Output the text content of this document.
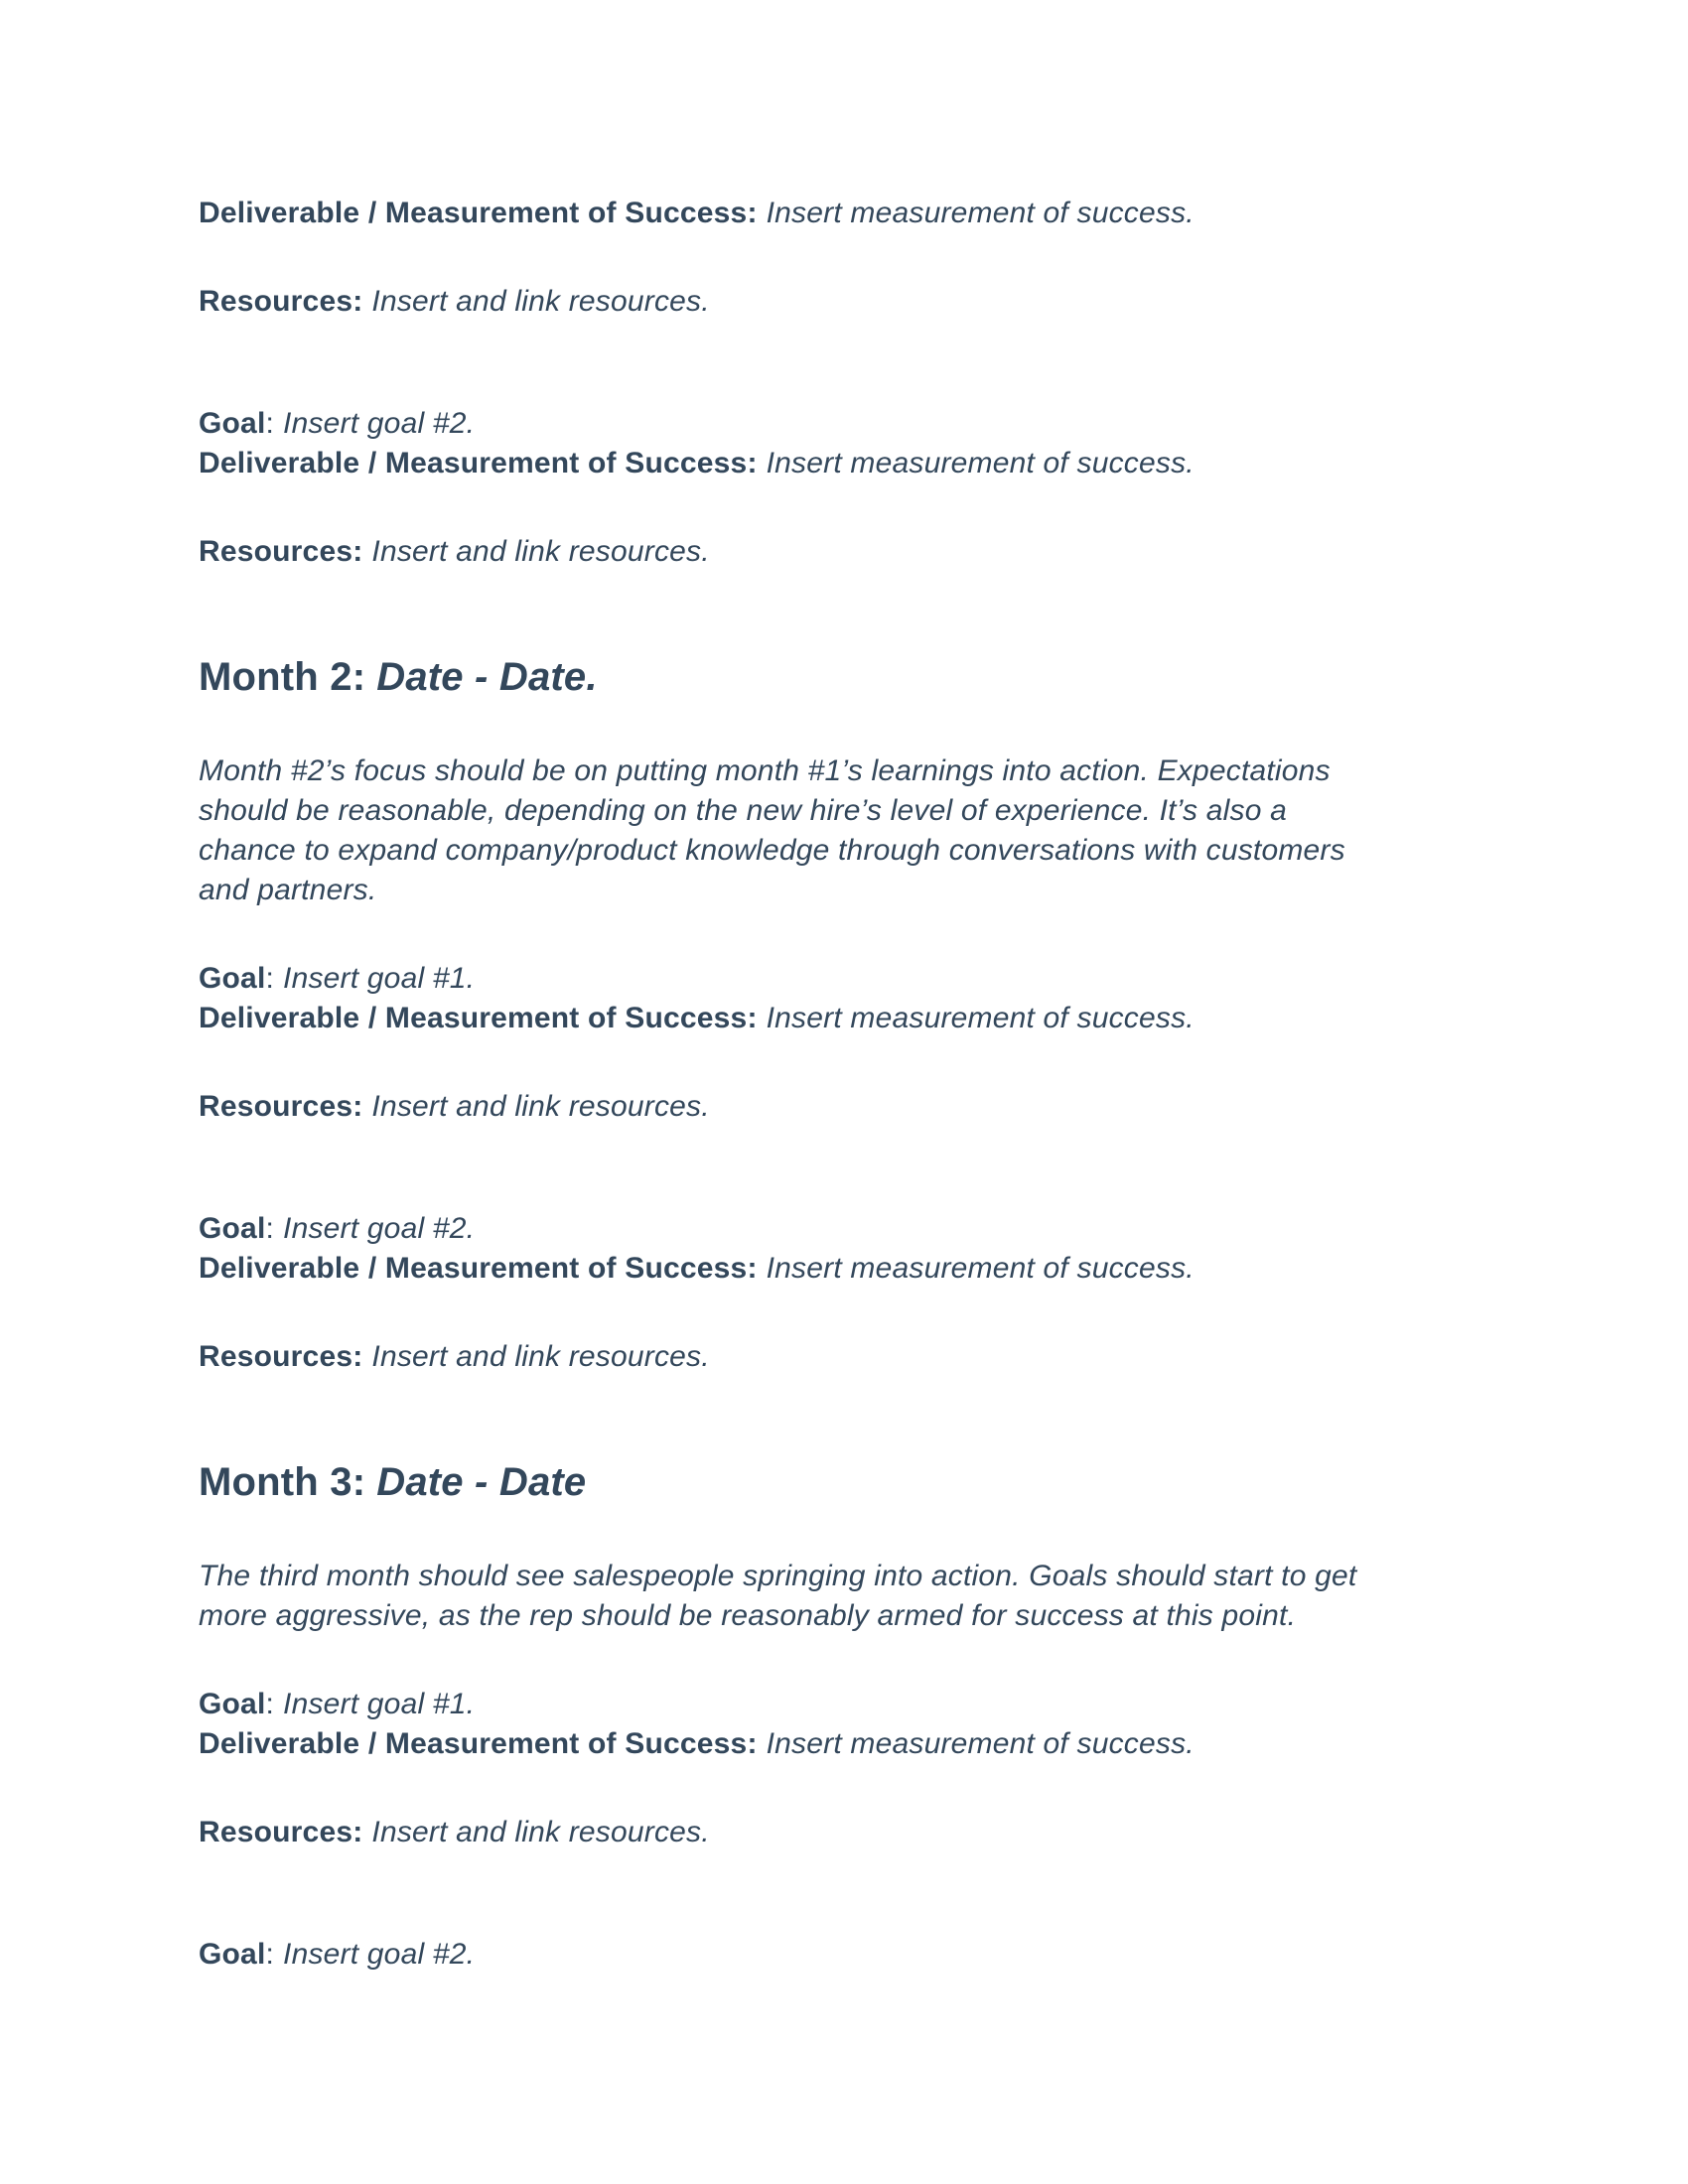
Deliverable / Measurement of Success: Insert measurement of success.

Resources: Insert and link resources.

Goal: Insert goal #2.

Deliverable / Measurement of Success: Insert measurement of success.

Resources: Insert and link resources.

Month 2: Date - Date.
Month #2’s focus should be on putting month #1’s learnings into action. Expectations
should be reasonable, depending on the new hire’s level of experience. It’s also a
chance to expand company/product knowledge through conversations with customers
and partners.

Goal: Insert goal #1.

Deliverable / Measurement of Success: Insert measurement of success.

Resources: Insert and link resources.

Goal: Insert goal #2.

Deliverable / Measurement of Success: Insert measurement of success.

Resources: Insert and link resources.

Month 3: Date - Date
The third month should see salespeople springing into action. Goals should start to get
more aggressive, as the rep should be reasonably armed for success at this point.

Goal: Insert goal #1.

Deliverable / Measurement of Success: Insert measurement of success.

Resources: Insert and link resources.

Goal: Insert goal #2.
